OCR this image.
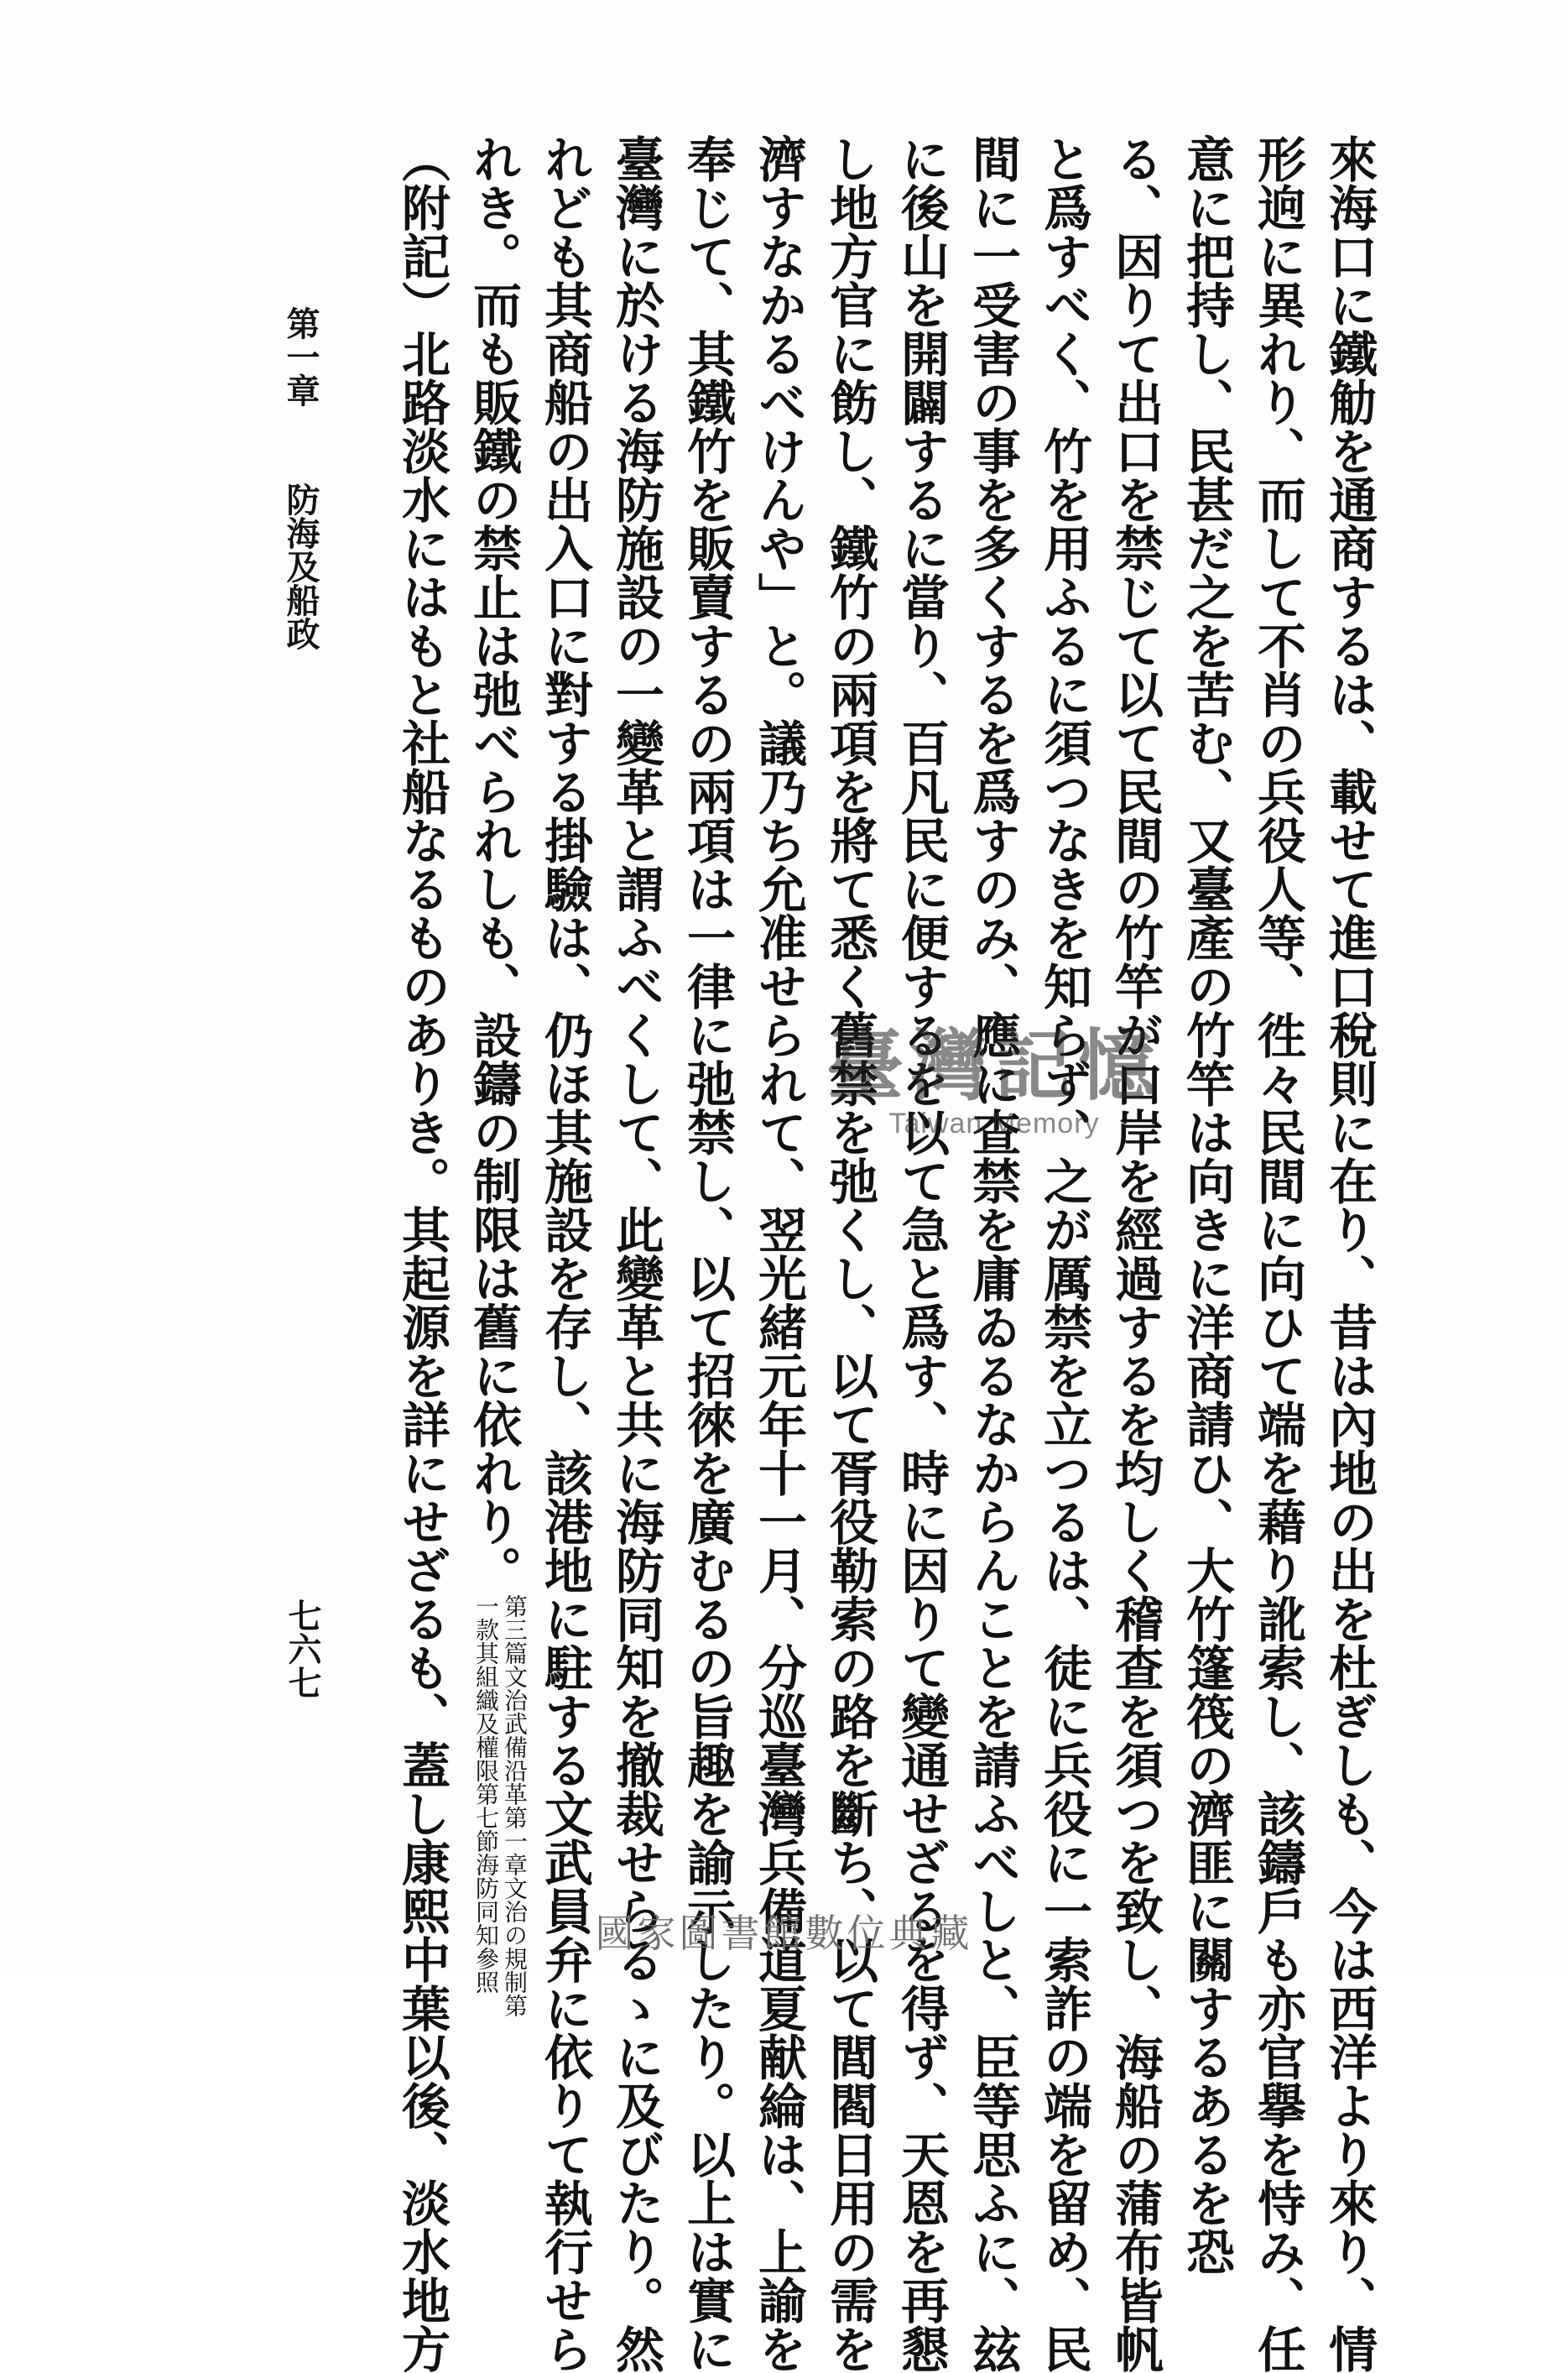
來海口に鐵觔を通商するは、載せて進口稅則に在り、昔は內地の出を杜ぎしも、今は西洋より來り、情
形逈に異れり、而して不肖の兵役人等、徃々民間に向ひて端を藉り訛索し、該鑄戶も亦官擧を恃み、任
意に把持し、民甚だ之を苦む、又臺產の竹竿は向きに洋商請ひ、大竹篷筏の濟匪に關するあるを恐
る、因りて出口を禁じて以て民間の竹竿が口岸を經過するを均しく稽查を須つを致し、海船の蒲布皆帆
と爲すべく、竹を用ふるに須つなきを知らず、之が厲禁を立つるは、徒に兵役に一索詐の端を留め、民
間に一受害の事を多くするを爲すのみ、應に查禁を庸ゐるなからんことを請ふべしと、臣等思ふに、玆
に後山を開闢するに當り、百凡民に便するを以て急と爲す、時に因りて變通せざるを得ず、天恩を再懇
し地方官に飭し、鐵竹の兩項を將て悉く舊禁を弛くし、以て胥役勒索の路を斷ち、以て閭閻日用の需を
濟すなかるべけんや」と。議乃ち允准せられて、翌光緒元年十一月、分巡臺灣兵備道夏献綸は、上諭を
奉じて、其鐵竹を販賣するの兩項は一律に弛禁し、以て招徠を廣むるの旨趣を諭示したり。以上は實に
臺灣に於ける海防施設の一變革と謂ふべくして、此變革と共に海防同知を撤裁せらるゝに及びたり。然
れども其商船の出入口に對する掛驗は、仍ほ其施設を存し、該港地に駐する文武員弁に依りて執行せら
れき。而も販鐵の禁止は弛べられしも、設鑄の制限は舊に依れり。第三篇文治武備沿革第一章文治の規制第一款其組織及權限第七節海防同知參照
（附記）北路淡水にはもと社船なるものありき。其起源を詳にせざるも、蓋し康熙中葉以後、淡水地方
第一章防海及船政
七六七
臺灣記憶
Taiwan Memory
國家圖書館數位典藏
